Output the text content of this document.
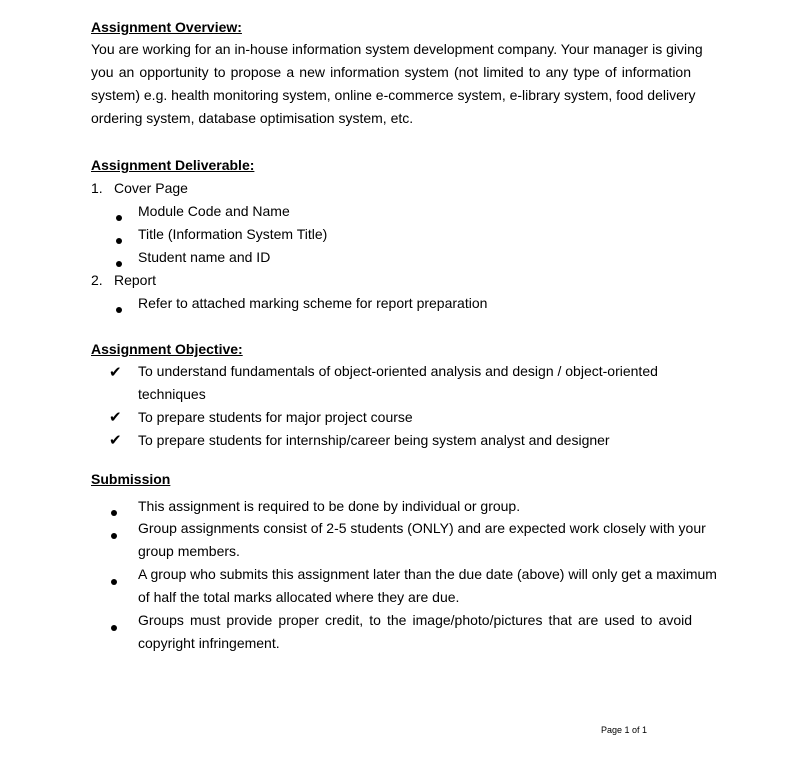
Assignment Overview:
You are working for an in-house information system development company. Your manager is giving
you an opportunity to propose a new information system (not limited to any type of information
system) e.g. health monitoring system, online e-commerce system, e-library system, food delivery
ordering system, database optimisation system, etc.
Assignment Deliverable:
1. Cover Page
Module Code and Name
Title (Information System Title)
Student name and ID
2. Report
Refer to attached marking scheme for report preparation
Assignment Objective:
✔ To understand fundamentals of object-oriented analysis and design / object-oriented
techniques
✔ To prepare students for major project course
✔ To prepare students for internship/career being system analyst and designer
Submission
This assignment is required to be done by individual or group.
Group assignments consist of 2-5 students (ONLY) and are expected work closely with your
group members.
A group who submits this assignment later than the due date (above) will only get a maximum
of half the total marks allocated where they are due.
Groups must provide proper credit, to the image/photo/pictures that are used to avoid
copyright infringement.
Page 1 of 1
